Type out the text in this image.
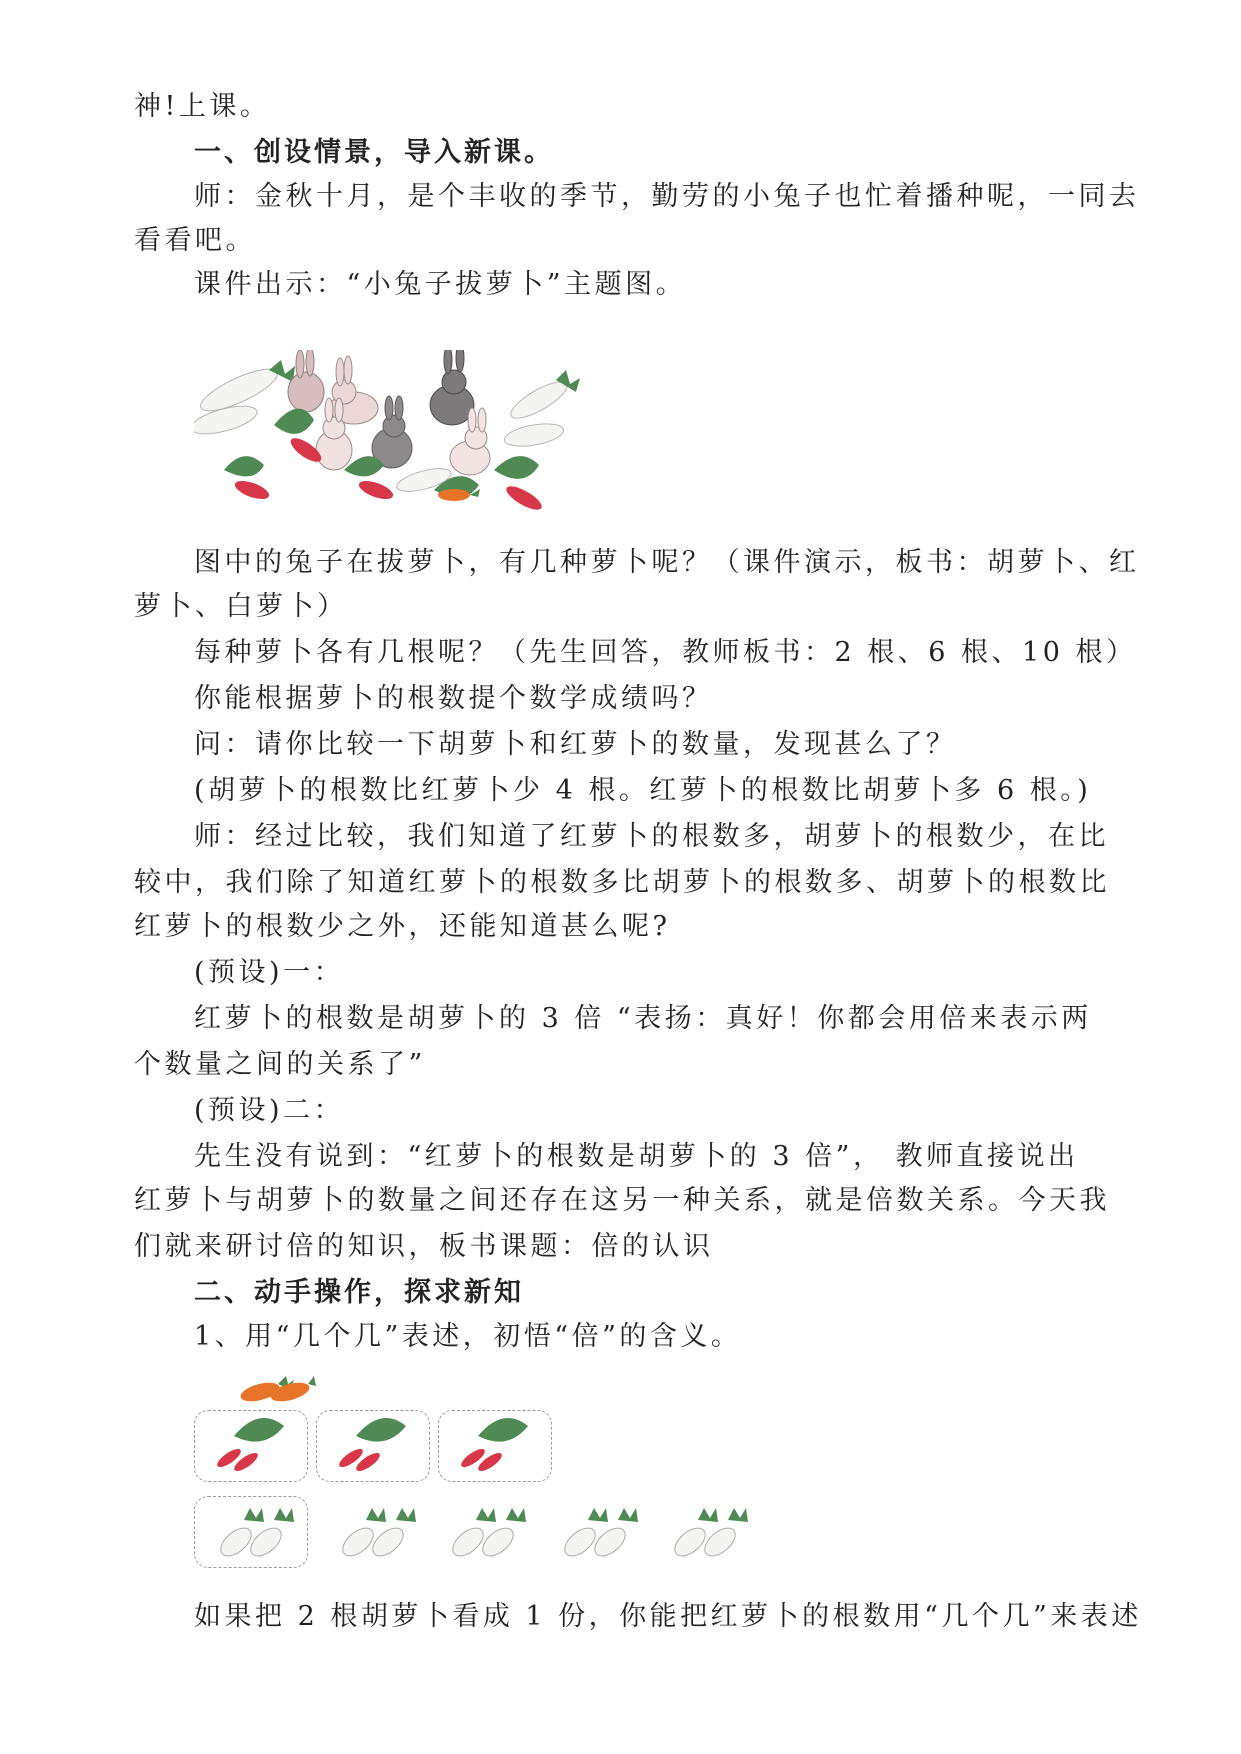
神!上课。
一、创设情景，导入新课。
师：金秋十月，是个丰收的季节，勤劳的小兔子也忙着播种呢，一同去
看看吧。
课件出示：“小兔子拔萝卜”主题图。
图中的兔子在拔萝卜，有几种萝卜呢？（课件演示，板书：胡萝卜、红
萝卜、白萝卜）
每种萝卜各有几根呢？（先生回答，教师板书：2 根、6 根、10 根）
你能根据萝卜的根数提个数学成绩吗？
问：请你比较一下胡萝卜和红萝卜的数量，发现甚么了？
(胡萝卜的根数比红萝卜少 4 根。红萝卜的根数比胡萝卜多 6 根。)
师：经过比较，我们知道了红萝卜的根数多，胡萝卜的根数少，在比
较中，我们除了知道红萝卜的根数多比胡萝卜的根数多、胡萝卜的根数比
红萝卜的根数少之外，还能知道甚么呢?
(预设)一：
红萝卜的根数是胡萝卜的 3 倍 “表扬：真好！你都会用倍来表示两
个数量之间的关系了”
(预设)二：
先生没有说到：“红萝卜的根数是胡萝卜的 3 倍”， 教师直接说出
红萝卜与胡萝卜的数量之间还存在这另一种关系，就是倍数关系。今天我
们就来研讨倍的知识，板书课题：倍的认识
二、动手操作，探求新知
1、用“几个几”表述，初悟“倍”的含义。
如果把 2 根胡萝卜看成 1 份，你能把红萝卜的根数用“几个几”来表述
